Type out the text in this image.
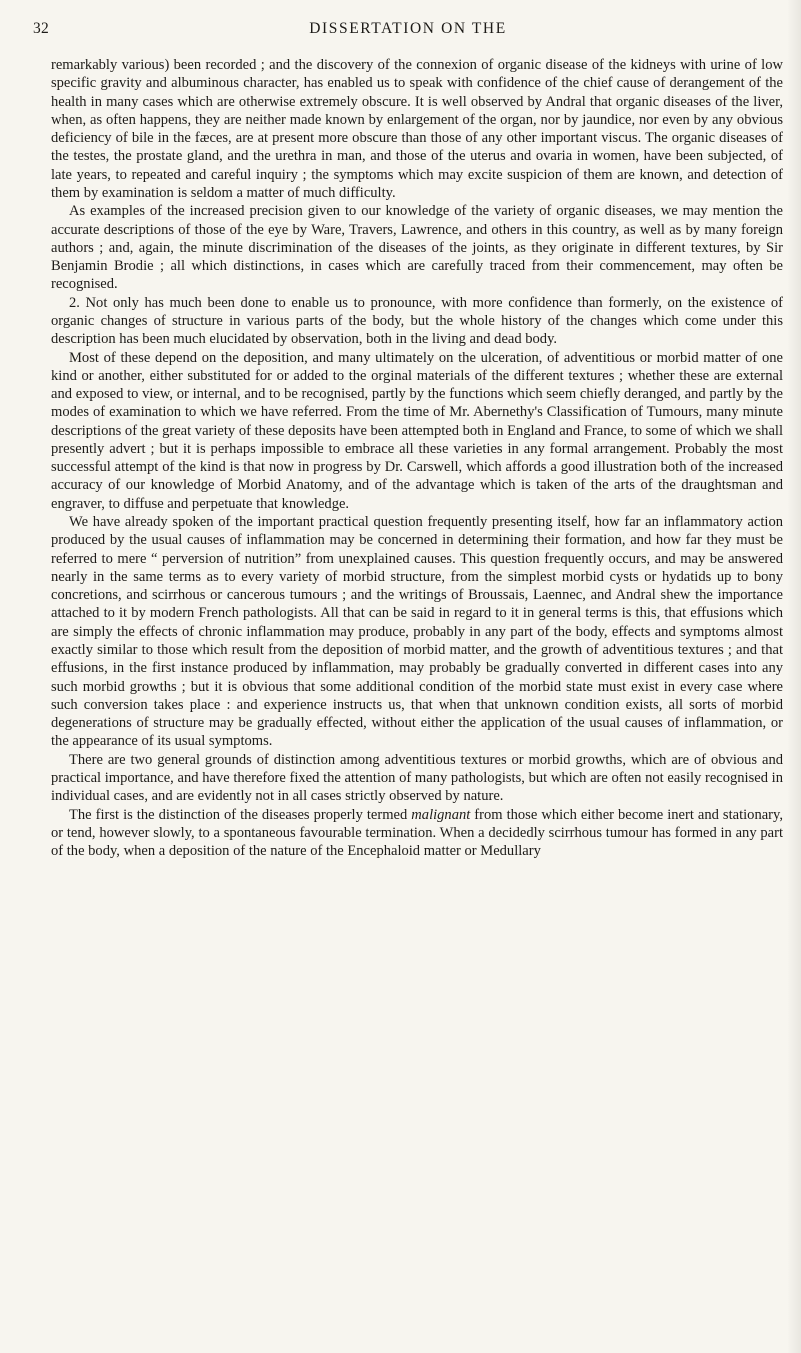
32	DISSERTATION ON THE

remarkably various) been recorded ; and the discovery of the connexion of organic disease of the kidneys with urine of low specific gravity and albuminous character, has enabled us to speak with confidence of the chief cause of derangement of the health in many cases which are otherwise extremely obscure. It is well observed by Andral that organic diseases of the liver, when, as often happens, they are neither made known by enlargement of the organ, nor by jaundice, nor even by any obvious deficiency of bile in the fæces, are at present more obscure than those of any other important viscus. The organic diseases of the testes, the prostate gland, and the urethra in man, and those of the uterus and ovaria in women, have been subjected, of late years, to repeated and careful inquiry ; the symptoms which may excite suspicion of them are known, and detection of them by examination is seldom a matter of much difficulty.

As examples of the increased precision given to our knowledge of the variety of organic diseases, we may mention the accurate descriptions of those of the eye by Ware, Travers, Lawrence, and others in this country, as well as by many foreign authors ; and, again, the minute discrimination of the diseases of the joints, as they originate in different textures, by Sir Benjamin Brodie ; all which distinctions, in cases which are carefully traced from their commencement, may often be recognised.

2. Not only has much been done to enable us to pronounce, with more confidence than formerly, on the existence of organic changes of structure in various parts of the body, but the whole history of the changes which come under this description has been much elucidated by observation, both in the living and dead body.

Most of these depend on the deposition, and many ultimately on the ulceration, of adventitious or morbid matter of one kind or another, either substituted for or added to the orginal materials of the different textures ; whether these are external and exposed to view, or internal, and to be recognised, partly by the functions which seem chiefly deranged, and partly by the modes of examination to which we have referred. From the time of Mr. Abernethy's Classification of Tumours, many minute descriptions of the great variety of these deposits have been attempted both in England and France, to some of which we shall presently advert ; but it is perhaps impossible to embrace all these varieties in any formal arrangement. Probably the most successful attempt of the kind is that now in progress by Dr. Carswell, which affords a good illustration both of the increased accuracy of our knowledge of Morbid Anatomy, and of the advantage which is taken of the arts of the draughtsman and engraver, to diffuse and perpetuate that knowledge.

We have already spoken of the important practical question frequently presenting itself, how far an inflammatory action produced by the usual causes of inflammation may be concerned in determining their formation, and how far they must be referred to mere “ perversion of nutrition” from unexplained causes. This question frequently occurs, and may be answered nearly in the same terms as to every variety of morbid structure, from the simplest morbid cysts or hydatids up to bony concretions, and scirrhous or cancerous tumours ; and the writings of Broussais, Laennec, and Andral shew the importance attached to it by modern French pathologists. All that can be said in regard to it in general terms is this, that effusions which are simply the effects of chronic inflammation may produce, probably in any part of the body, effects and symptoms almost exactly similar to those which result from the deposition of morbid matter, and the growth of adventitious textures ; and that effusions, in the first instance produced by inflammation, may probably be gradually converted in different cases into any such morbid growths ; but it is obvious that some additional condition of the morbid state must exist in every case where such conversion takes place : and experience instructs us, that when that unknown condition exists, all sorts of morbid degenerations of structure may be gradually effected, without either the application of the usual causes of inflammation, or the appearance of its usual symptoms.

There are two general grounds of distinction among adventitious textures or morbid growths, which are of obvious and practical importance, and have therefore fixed the attention of many pathologists, but which are often not easily recognised in individual cases, and are evidently not in all cases strictly observed by nature.

The first is the distinction of the diseases properly termed malignant from those which either become inert and stationary, or tend, however slowly, to a spontaneous favourable termination. When a decidedly scirrhous tumour has formed in any part of the body, when a deposition of the nature of the Encephaloid matter or Medullary
